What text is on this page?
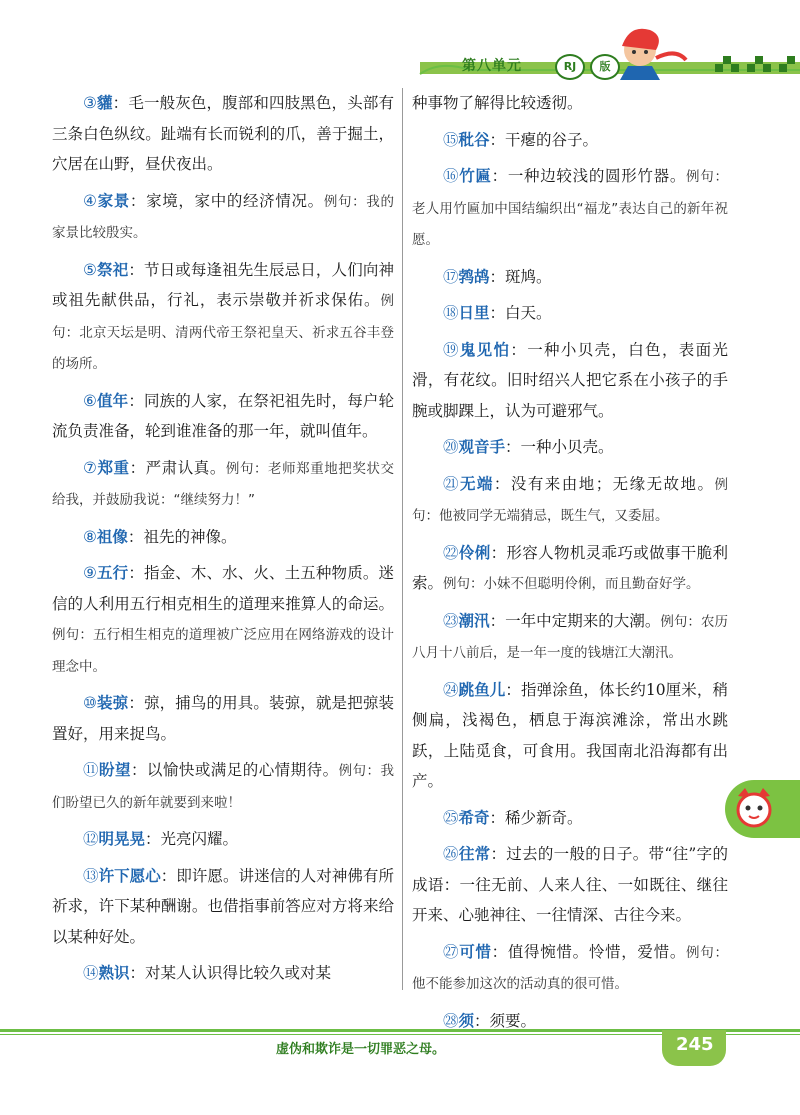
第八单元	RJ	版

③貛：毛一般灰色，腹部和四肢黑色，头部有三条白色纵纹。趾端有长而锐利的爪，善于掘土，穴居在山野，昼伏夜出。

④家景：家境，家中的经济情况。例句：我的家景比较殷实。

⑤祭祀：节日或每逢祖先生辰忌日，人们向神或祖先献供品，行礼，表示崇敬并祈求保佑。例句：北京天坛是明、清两代帝王祭祀皇天、祈求五谷丰登的场所。

⑥值年：同族的人家，在祭祀祖先时，每户轮流负责准备，轮到谁准备的那一年，就叫值年。

⑦郑重：严肃认真。例句：老师郑重地把奖状交给我，并鼓励我说：“继续努力！”

⑧祖像：祖先的神像。

⑨五行：指金、木、水、火、土五种物质。迷信的人利用五行相克相生的道理来推算人的命运。例句：五行相生相克的道理被广泛应用在网络游戏的设计理念中。

⑩装弶：弶，捕鸟的用具。装弶，就是把弶装置好，用来捉鸟。

⑪盼望：以愉快或满足的心情期待。例句：我们盼望已久的新年就要到来啦！

⑫明晃晃：光亮闪耀。

⑬许下愿心：即许愿。讲迷信的人对神佛有所祈求，许下某种酬谢。也借指事前答应对方将来给以某种好处。

⑭熟识：对某人认识得比较久或对某

种事物了解得比较透彻。

⑮秕谷：干瘪的谷子。

⑯竹匾：一种边较浅的圆形竹器。例句：老人用竹匾加中国结编织出“福龙”表达自己的新年祝愿。

⑰鹁鸪：斑鸠。

⑱日里：白天。

⑲鬼见怕：一种小贝壳，白色，表面光滑，有花纹。旧时绍兴人把它系在小孩子的手腕或脚踝上，认为可避邪气。

⑳观音手：一种小贝壳。

㉑无端：没有来由地；无缘无故地。例句：他被同学无端猜忌，既生气，又委屈。

㉒伶俐：形容人物机灵乖巧或做事干脆利索。例句：小妹不但聪明伶俐，而且勤奋好学。

㉓潮汛：一年中定期来的大潮。例句：农历八月十八前后，是一年一度的钱塘江大潮汛。

㉔跳鱼儿：指弹涂鱼，体长约10厘米，稍侧扁，浅褐色，栖息于海滨滩涂，常出水跳跃，上陆觅食，可食用。我国南北沿海都有出产。

㉕希奇：稀少新奇。

㉖往常：过去的一般的日子。带“往”字的成语：一往无前、人来人往、一如既往、继往开来、心驰神往、一往情深、古往今来。

㉗可惜：值得惋惜。怜惜，爱惜。例句：他不能参加这次的活动真的很可惜。

㉘须：须要。

虚伪和欺诈是一切罪恶之母。	245
